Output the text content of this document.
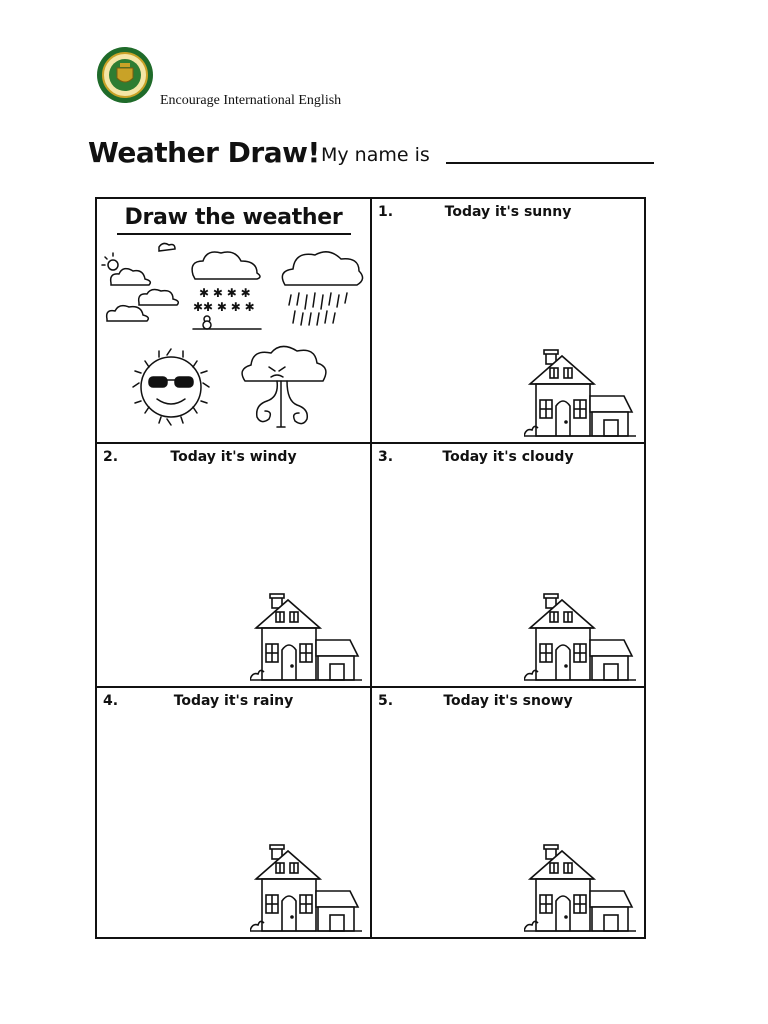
Encourage International English
Weather Draw! My name is
Draw the weather
✱ ✱ ✱ ✱
✱✱ ✱ ✱ ✱
1.	Today it's sunny
2.	Today it's windy	3.	Today it's cloudy
4.	Today it's rainy	5.	Today it's snowy
